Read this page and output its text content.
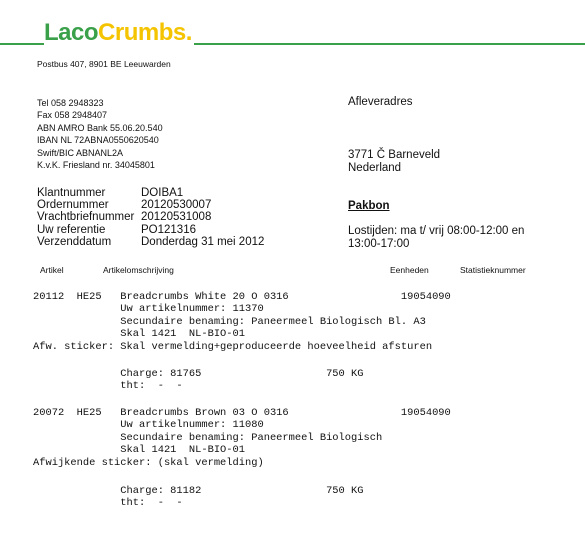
LacoCrumbs.
Postbus 407, 8901 BE Leeuwarden
Tel 058 2948323
Fax 058 2948407
ABN AMRO Bank 55.06.20.540
IBAN NL 72ABNA0550620540
Swift/BIC ABNANL2A
K.v.K. Friesland nr. 34045801
Afleveradres
3771 Č Barneveld
Nederland
Klantnummer	DOIBA1
Ordernummer	20120530007
Vrachtbriefnummer 20120531008
Uw referentie	PO121316
Verzenddatum	Donderdag 31 mei 2012
Pakbon
Lostijden: ma t/ vrij 08:00-12:00 en
13:00-17:00
Artikel	Artikelomschrijving	Eenheden	Statistieknummer
20112  HE25   Breadcrumbs White 20 O 0316                  19054090
Uw artikelnummer: 11370
Secundaire benaming: Paneermeel Biologisch Bl. A3
Skal 1421  NL-BIO-01
Afw. sticker: Skal vermelding+geproduceerde hoeveelheid afsturen
Charge: 81765                    750 KG
tht:  -  -
20072  HE25   Breadcrumbs Brown 03 O 0316                  19054090
Uw artikelnummer: 11080
Secundaire benaming: Paneermeel Biologisch
Skal 1421  NL-BIO-01
Afwijkende sticker: (skal vermelding)
Charge: 81182                    750 KG
tht:  -  -
